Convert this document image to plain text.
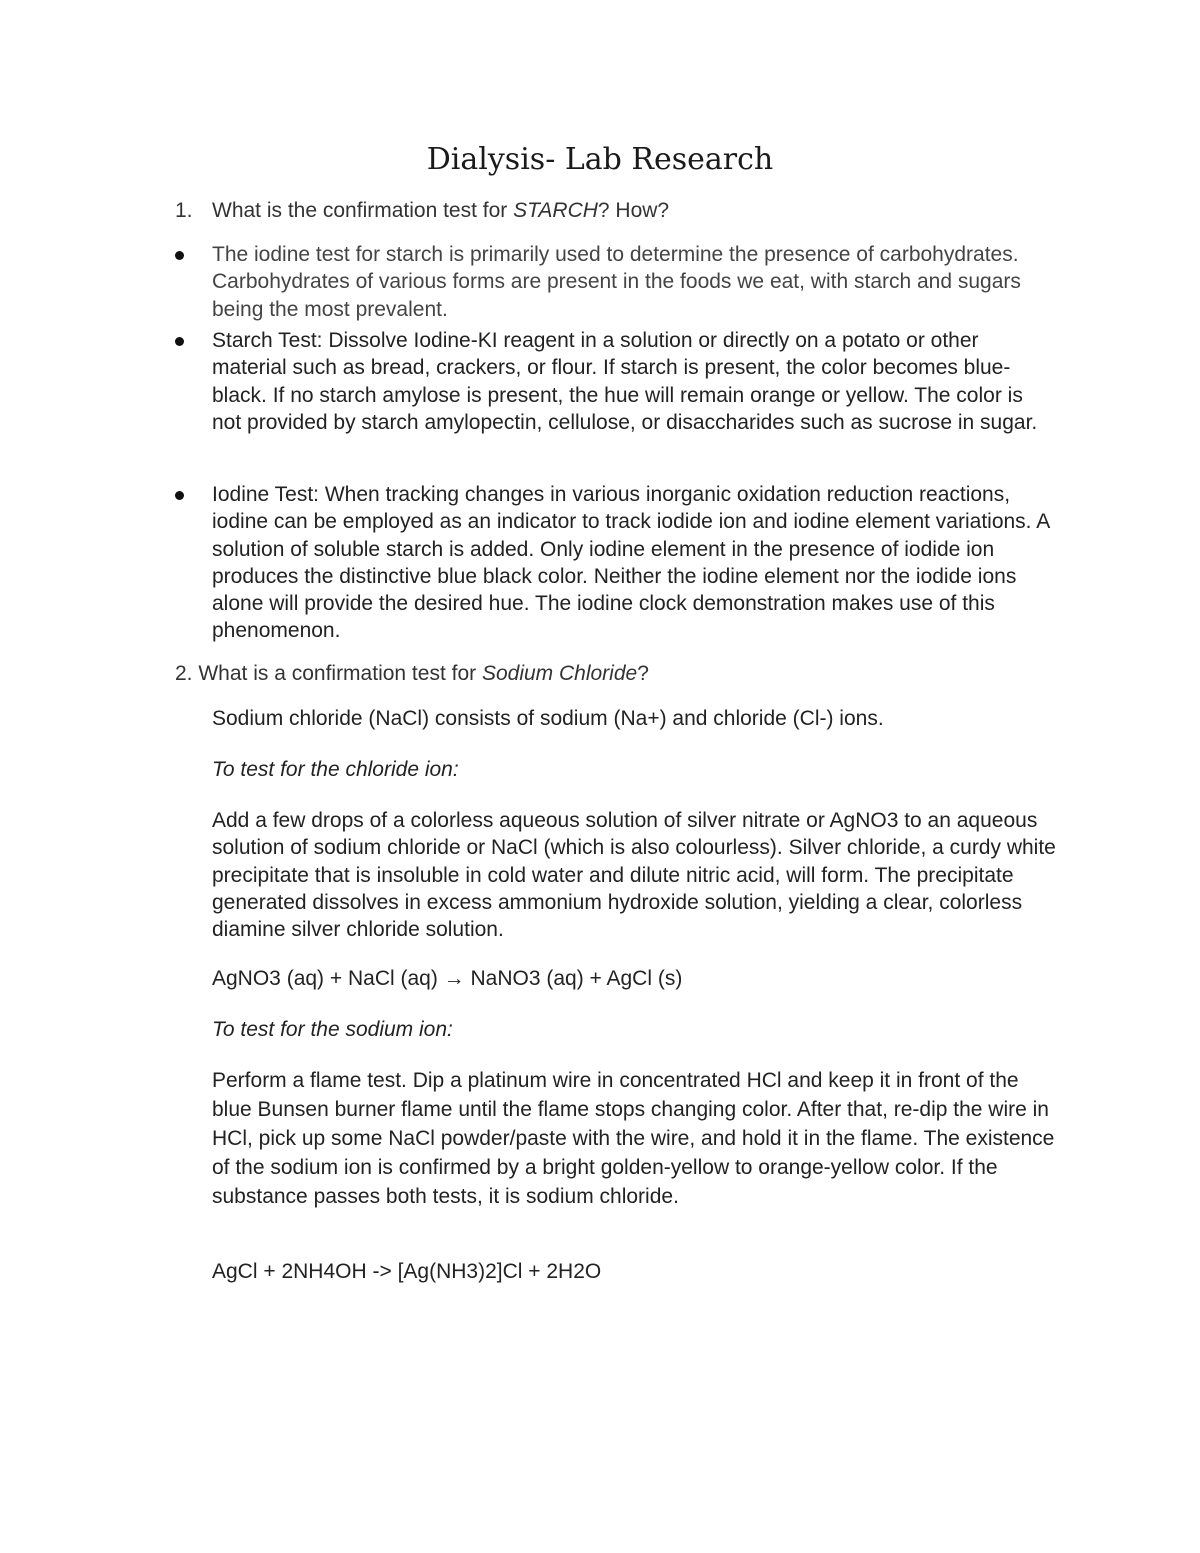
Dialysis- Lab Research
1. What is the confirmation test for STARCH? How?
The iodine test for starch is primarily used to determine the presence of carbohydrates. Carbohydrates of various forms are present in the foods we eat, with starch and sugars being the most prevalent.
Starch Test: Dissolve Iodine-KI reagent in a solution or directly on a potato or other material such as bread, crackers, or flour. If starch is present, the color becomes blue-black. If no starch amylose is present, the hue will remain orange or yellow. The color is not provided by starch amylopectin, cellulose, or disaccharides such as sucrose in sugar.
Iodine Test: When tracking changes in various inorganic oxidation reduction reactions, iodine can be employed as an indicator to track iodide ion and iodine element variations. A solution of soluble starch is added. Only iodine element in the presence of iodide ion produces the distinctive blue black color. Neither the iodine element nor the iodide ions alone will provide the desired hue. The iodine clock demonstration makes use of this phenomenon.
2. What is a confirmation test for Sodium Chloride?
Sodium chloride (NaCl) consists of sodium (Na+) and chloride (Cl-) ions.
To test for the chloride ion:
Add a few drops of a colorless aqueous solution of silver nitrate or AgNO3 to an aqueous solution of sodium chloride or NaCl (which is also colourless). Silver chloride, a curdy white precipitate that is insoluble in cold water and dilute nitric acid, will form. The precipitate generated dissolves in excess ammonium hydroxide solution, yielding a clear, colorless diamine silver chloride solution.
AgNO3 (aq) + NaCl (aq) → NaNO3 (aq) + AgCl (s)
To test for the sodium ion:
Perform a flame test. Dip a platinum wire in concentrated HCl and keep it in front of the blue Bunsen burner flame until the flame stops changing color. After that, re-dip the wire in HCl, pick up some NaCl powder/paste with the wire, and hold it in the flame. The existence of the sodium ion is confirmed by a bright golden-yellow to orange-yellow color. If the substance passes both tests, it is sodium chloride.
AgCl + 2NH4OH -> [Ag(NH3)2]Cl + 2H2O
